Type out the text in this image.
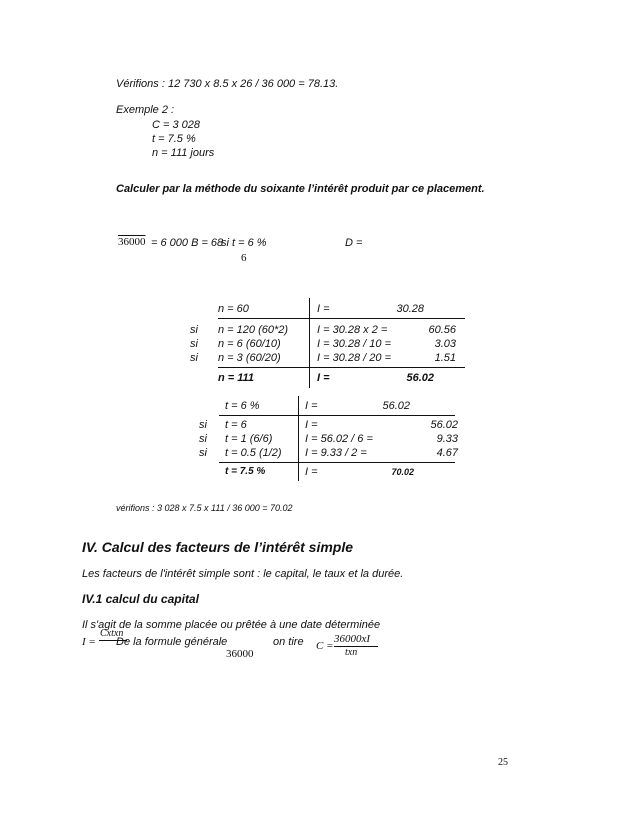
Vérifions : 12 730 x 8.5 x 26 / 36 000 = 78.13.
Exemple 2 :
C = 3 028
t = 7.5 %
n = 111 jours
Calculer par la méthode du soixante l’intérêt produit par ce placement.
36000 = 6 000 B = 68
si t = 6 %
6
D =
n = 60	I =	30.28
si n = 120 (60*2)	I = 30.28 x 2 =	60.56
si n = 6 (60/10)	I = 30.28 / 10 =	3.03
si n = 3 (60/20)	I = 30.28 / 20 =	1.51
n = 111	I =	56.02
t = 6 %	I =	56.02
si t = 6	I =	56.02
si t = 1 (6/6)	I = 56.02 / 6 =	9.33
si t = 0.5 (1/2) I = 9.33 / 2 =	4.67
t = 7.5 %	I =	70.02
vérifions : 3 028 x 7.5 x 111 / 36 000 = 70.02
IV. Calcul des facteurs de l’intérêt simple
Les facteurs de l'intérêt simple sont : le capital, le taux et la durée.
IV.1 calcul du capital
Il s'agit de la somme placée ou prêtée à une date déterminée
I =
Cxtxn
De la formule générale
36000
on tire C =
36000xI
txn
25
